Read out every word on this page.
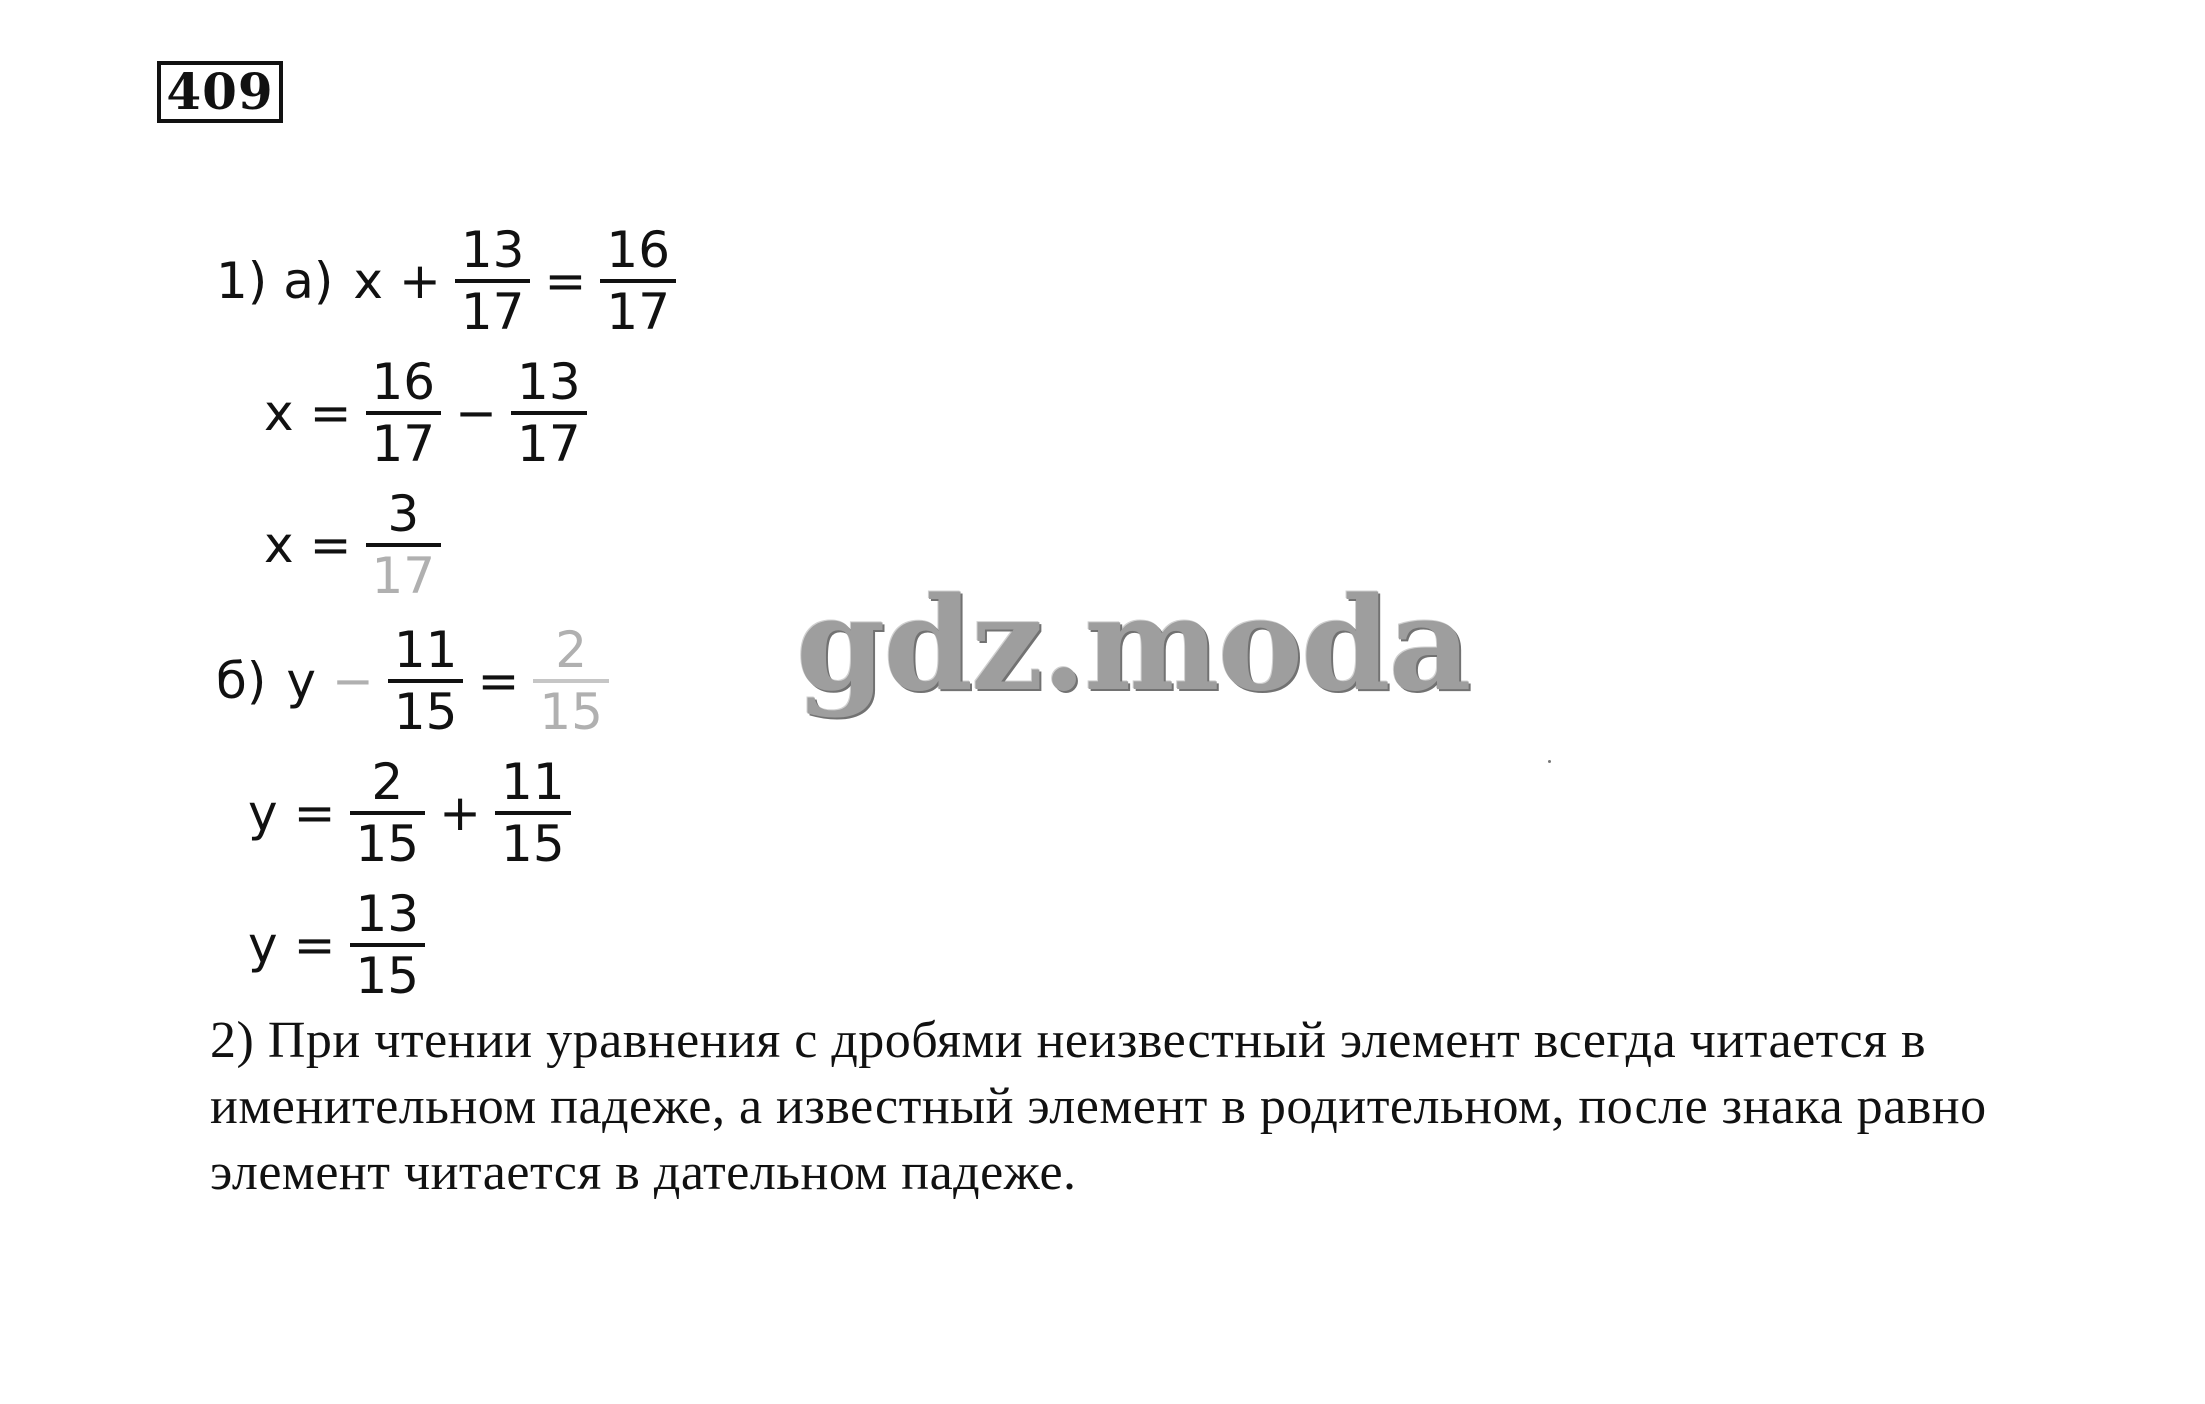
409
1) а) $x + \frac{13}{17} = \frac{16}{17}$
$x = \frac{16}{17} - \frac{13}{17}$
$x = \frac{3}{17}$
б) $y - \frac{11}{15} = \frac{2}{15}$
$y = \frac{2}{15} + \frac{11}{15}$
$y = \frac{13}{15}$
2) При чтении уравнения с дробями неизвестный элемент всегда читается в именительном падеже, а известный элемент в родительном, после знака равно элемент читается в дательном падеже.
gdz.moda
